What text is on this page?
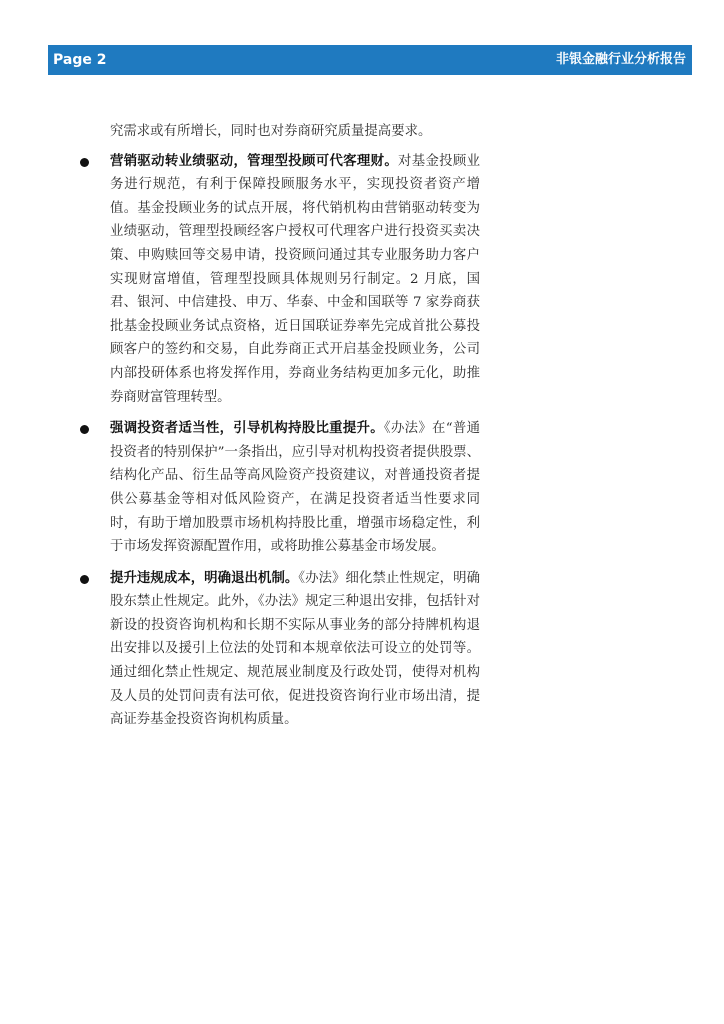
Page 2	非银金融行业分析报告
究需求或有所增长，同时也对券商研究质量提高要求。
营销驱动转业绩驱动，管理型投顾可代客理财。对基金投顾业务进行规范，有利于保障投顾服务水平，实现投资者资产增值。基金投顾业务的试点开展，将代销机构由营销驱动转变为业绩驱动，管理型投顾经客户授权可代理客户进行投资买卖决策、申购赎回等交易申请，投资顾问通过其专业服务助力客户实现财富增值，管理型投顾具体规则另行制定。2 月底，国君、银河、中信建投、申万、华泰、中金和国联等 7 家券商获批基金投顾业务试点资格，近日国联证券率先完成首批公募投顾客户的签约和交易，自此券商正式开启基金投顾业务，公司内部投研体系也将发挥作用，券商业务结构更加多元化，助推券商财富管理转型。
强调投资者适当性，引导机构持股比重提升。《办法》在“普通投资者的特别保护”一条指出，应引导对机构投资者提供股票、结构化产品、衍生品等高风险资产投资建议，对普通投资者提供公募基金等相对低风险资产，在满足投资者适当性要求同时，有助于增加股票市场机构持股比重，增强市场稳定性，利于市场发挥资源配置作用，或将助推公募基金市场发展。
提升违规成本，明确退出机制。《办法》细化禁止性规定，明确股东禁止性规定。此外，《办法》规定三种退出安排，包括针对新设的投资咨询机构和长期不实际从事业务的部分持牌机构退出安排以及援引上位法的处罚和本规章依法可设立的处罚等。通过细化禁止性规定、规范展业制度及行政处罚，使得对机构及人员的处罚问责有法可依，促进投资咨询行业市场出清，提高证券基金投资咨询机构质量。
